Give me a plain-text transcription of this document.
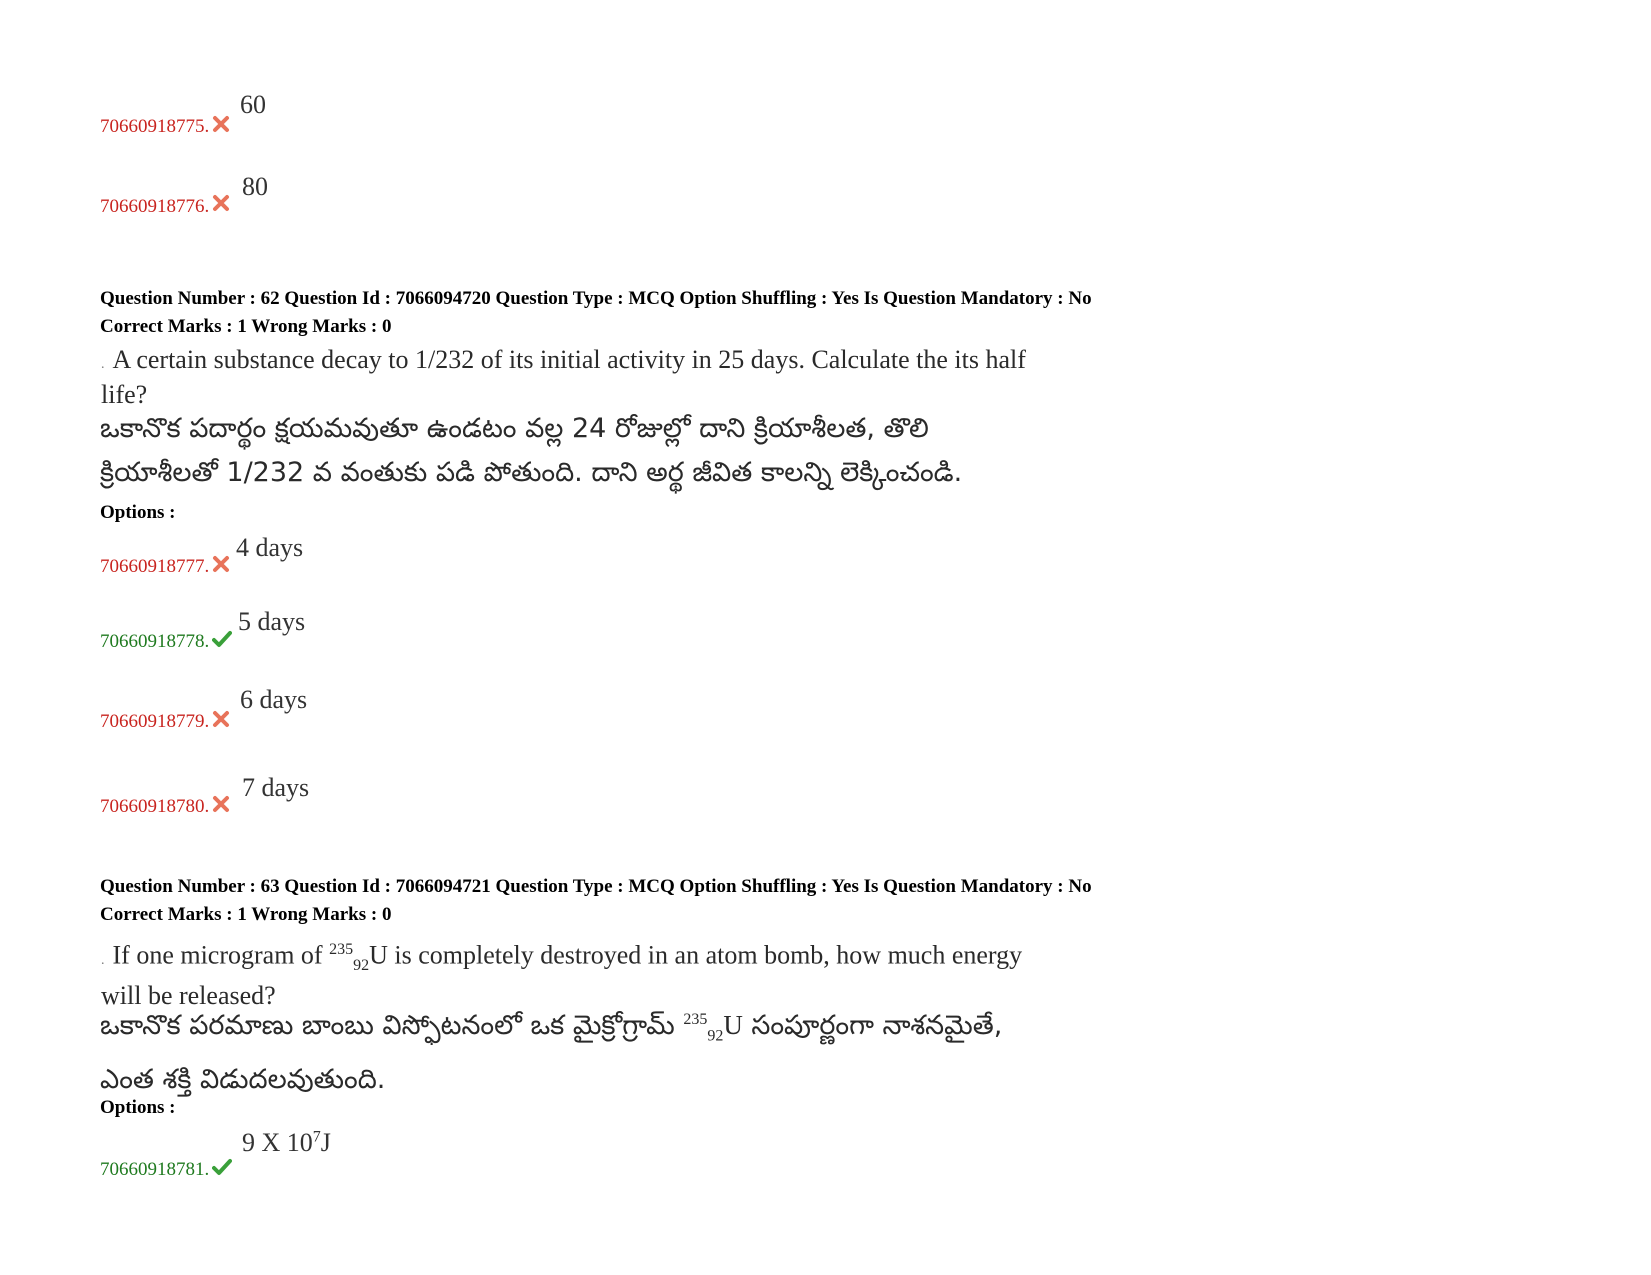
70660918775.
60
70660918776.
80
Question Number : 62 Question Id : 7066094720 Question Type : MCQ Option Shuffling : Yes Is Question Mandatory : No
Correct Marks : 1 Wrong Marks : 0
. A certain substance decay to 1/232 of its initial activity in 25 days. Calculate the its half
life?
ఒకానొక పదార్థం క్షయమవుతూ ఉండటం వల్ల 24 రోజుల్లో దాని క్రియాశీలత, తొలి
క్రియాశీలతో 1/232 వ వంతుకు పడి పోతుంది. దాని అర్థ జీవిత కాలన్ని లెక్కించండి.
Options :
70660918777.
4 days
70660918778.
5 days
70660918779.
6 days
70660918780.
7 days
Question Number : 63 Question Id : 7066094721 Question Type : MCQ Option Shuffling : Yes Is Question Mandatory : No
Correct Marks : 1 Wrong Marks : 0
. If one microgram of $^{235}_{92}$U is completely destroyed in an atom bomb, how much energy
will be released?
ఒకానొక పరమాణు బాంబు విస్ఫోటనంలో ఒక మైక్రోగ్రామ్ $^{235}_{92}$U సంపూర్ణంగా నాశనమైతే,
ఎంత శక్తి విడుదలవుతుంది.
Options :
70660918781.
9 X $10^7J$
